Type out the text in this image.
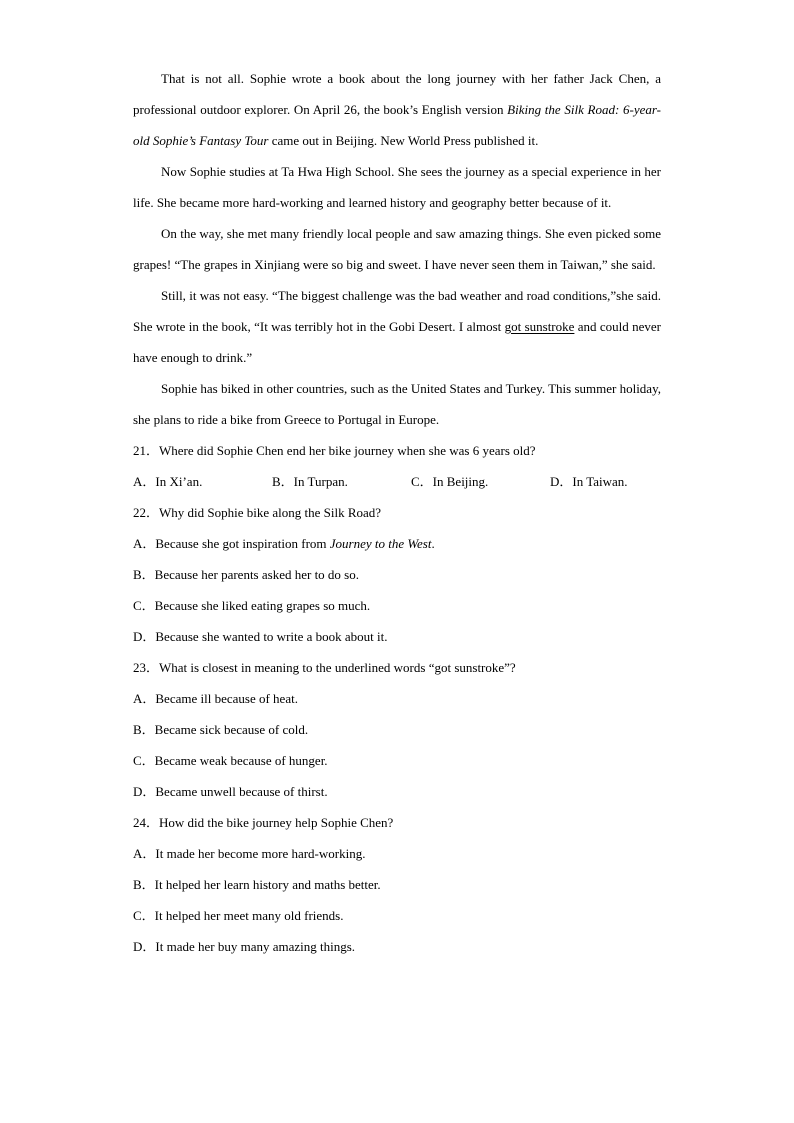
That is not all. Sophie wrote a book about the long journey with her father Jack Chen, a professional outdoor explorer. On April 26, the book’s English version Biking the Silk Road: 6-year-old Sophie’s Fantasy Tour came out in Beijing. New World Press published it.

Now Sophie studies at Ta Hwa High School. She sees the journey as a special experience in her life. She became more hard-working and learned history and geography better because of it.

On the way, she met many friendly local people and saw amazing things. She even picked some grapes! “The grapes in Xinjiang were so big and sweet. I have never seen them in Taiwan,” she said.

Still, it was not easy. “The biggest challenge was the bad weather and road conditions,”she said. She wrote in the book, “It was terribly hot in the Gobi Desert. I almost got sunstroke and could never have enough to drink.”

Sophie has biked in other countries, such as the United States and Turkey. This summer holiday, she plans to ride a bike from Greece to Portugal in Europe.

21．Where did Sophie Chen end her bike journey when she was 6 years old?

A．In Xi’an.	B．In Turpan.	C．In Beijing.	D．In Taiwan.

22．Why did Sophie bike along the Silk Road?

A．Because she got inspiration from Journey to the West.

B．Because her parents asked her to do so.

C．Because she liked eating grapes so much.

D．Because she wanted to write a book about it.

23．What is closest in meaning to the underlined words “got sunstroke”?

A．Became ill because of heat.

B．Became sick because of cold.

C．Became weak because of hunger.

D．Became unwell because of thirst.

24．How did the bike journey help Sophie Chen?

A．It made her become more hard-working.

B．It helped her learn history and maths better.

C．It helped her meet many old friends.

D．It made her buy many amazing things.
